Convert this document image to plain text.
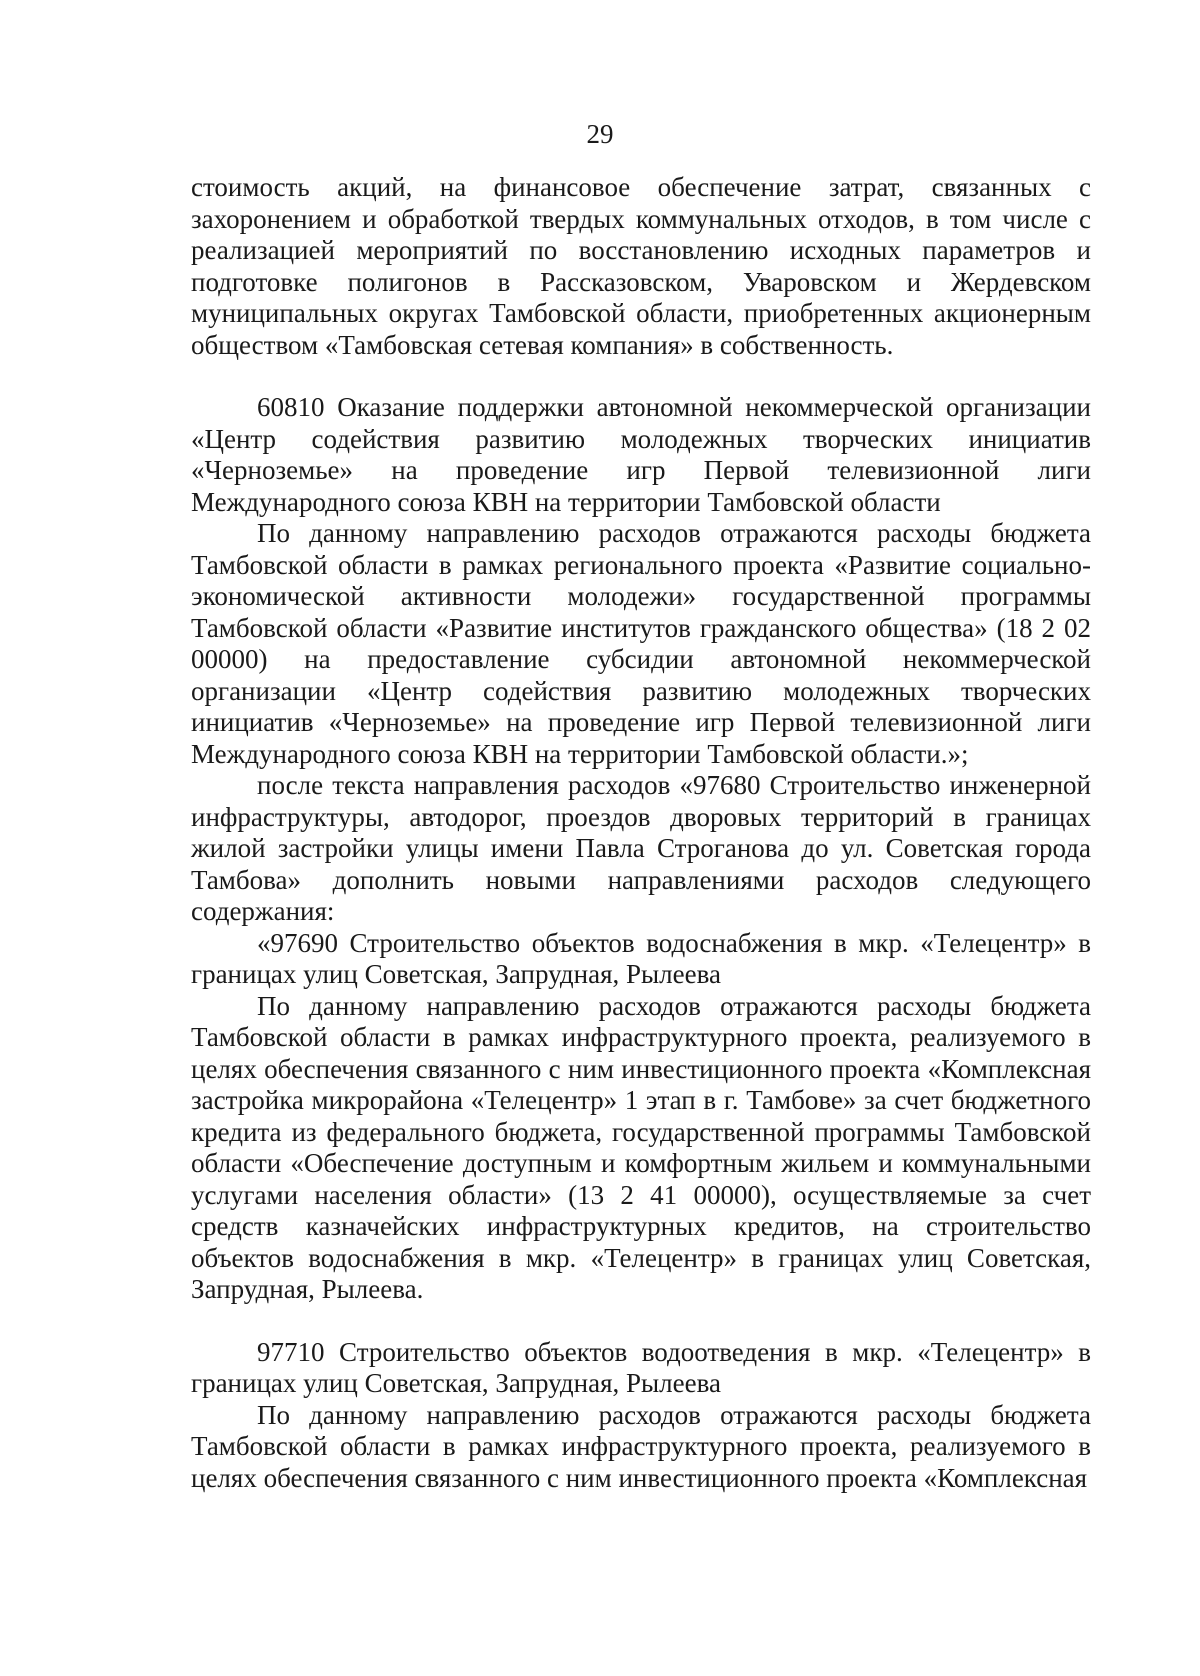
29

стоимость акций, на финансовое обеспечение затрат, связанных с захоронением и обработкой твердых коммунальных отходов, в том числе с реализацией мероприятий по восстановлению исходных параметров и подготовке полигонов в Рассказовском, Уваровском и Жердевском муниципальных округах Тамбовской области, приобретенных акционерным обществом «Тамбовская сетевая компания» в собственность.

60810 Оказание поддержки автономной некоммерческой организации «Центр содействия развитию молодежных творческих инициатив «Черноземье» на проведение игр Первой телевизионной лиги Международного союза КВН на территории Тамбовской области

По данному направлению расходов отражаются расходы бюджета Тамбовской области в рамках регионального проекта «Развитие социально-экономической активности молодежи» государственной программы Тамбовской области «Развитие институтов гражданского общества» (18 2 02 00000) на предоставление субсидии автономной некоммерческой организации «Центр содействия развитию молодежных творческих инициатив «Черноземье» на проведение игр Первой телевизионной лиги Международного союза КВН на территории Тамбовской области.»;

после текста направления расходов «97680 Строительство инженерной инфраструктуры, автодорог, проездов дворовых территорий в границах жилой застройки улицы имени Павла Строганова до ул. Советская города Тамбова» дополнить новыми направлениями расходов следующего содержания:

«97690 Строительство объектов водоснабжения в мкр. «Телецентр» в границах улиц Советская, Запрудная, Рылеева

По данному направлению расходов отражаются расходы бюджета Тамбовской области в рамках инфраструктурного проекта, реализуемого в целях обеспечения связанного с ним инвестиционного проекта «Комплексная застройка микрорайона «Телецентр» 1 этап в г. Тамбове» за счет бюджетного кредита из федерального бюджета, государственной программы Тамбовской области «Обеспечение доступным и комфортным жильем и коммунальными услугами населения области» (13 2 41 00000), осуществляемые за счет средств казначейских инфраструктурных кредитов, на строительство объектов водоснабжения в мкр. «Телецентр» в границах улиц Советская, Запрудная, Рылеева.

97710 Строительство объектов водоотведения в мкр. «Телецентр» в границах улиц Советская, Запрудная, Рылеева

По данному направлению расходов отражаются расходы бюджета Тамбовской области в рамках инфраструктурного проекта, реализуемого в целях обеспечения связанного с ним инвестиционного проекта «Комплексная
